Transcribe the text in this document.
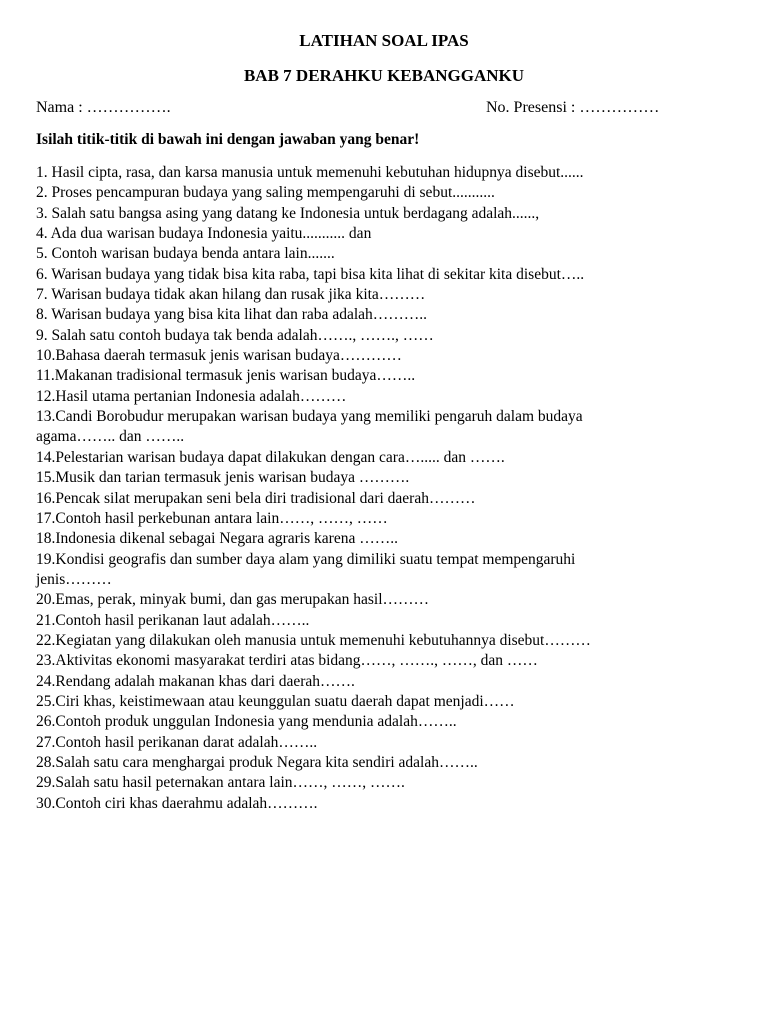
LATIHAN SOAL IPAS
BAB 7 DERAHKU KEBANGGANKU
Nama : …………….	No. Presensi : ……………
Isilah titik-titik di bawah ini dengan jawaban yang benar!
1. Hasil cipta, rasa, dan karsa manusia untuk memenuhi kebutuhan hidupnya disebut......
2. Proses pencampuran budaya yang saling mempengaruhi di sebut...........
3. Salah satu bangsa asing yang datang ke Indonesia untuk berdagang adalah......,
4. Ada dua warisan budaya Indonesia yaitu........... dan
5. Contoh warisan budaya benda antara lain.......
6. Warisan budaya yang tidak bisa kita raba, tapi bisa kita lihat di sekitar kita disebut…..
7. Warisan budaya tidak akan hilang dan rusak jika kita………
8. Warisan budaya yang bisa kita lihat dan raba adalah………..
9. Salah satu contoh budaya tak benda adalah……., ……., ……
10.Bahasa daerah termasuk jenis warisan budaya…………
11.Makanan tradisional termasuk jenis warisan budaya……..
12.Hasil utama pertanian Indonesia adalah………
13.Candi Borobudur merupakan warisan budaya yang memiliki pengaruh dalam budaya
agama…….. dan ……..
14.Pelestarian warisan budaya dapat dilakukan dengan cara…..... dan …….
15.Musik dan tarian termasuk jenis warisan budaya ……….
16.Pencak silat merupakan seni bela diri tradisional dari daerah………
17.Contoh hasil perkebunan antara lain……, ……, ……
18.Indonesia dikenal sebagai Negara agraris karena ……..
19.Kondisi geografis dan sumber daya alam yang dimiliki suatu tempat mempengaruhi
jenis………
20.Emas, perak, minyak bumi, dan gas merupakan hasil………
21.Contoh hasil perikanan laut adalah……..
22.Kegiatan yang dilakukan oleh manusia untuk memenuhi kebutuhannya disebut………
23.Aktivitas ekonomi masyarakat terdiri atas bidang……, ……., ……, dan ……
24.Rendang adalah makanan khas dari daerah…….
25.Ciri khas, keistimewaan atau keunggulan suatu daerah dapat menjadi……
26.Contoh produk unggulan Indonesia yang mendunia adalah……..
27.Contoh hasil perikanan darat adalah……..
28.Salah satu cara menghargai produk Negara kita sendiri adalah……..
29.Salah satu hasil peternakan antara lain……, ……, …….
30.Contoh ciri khas daerahmu adalah……….
